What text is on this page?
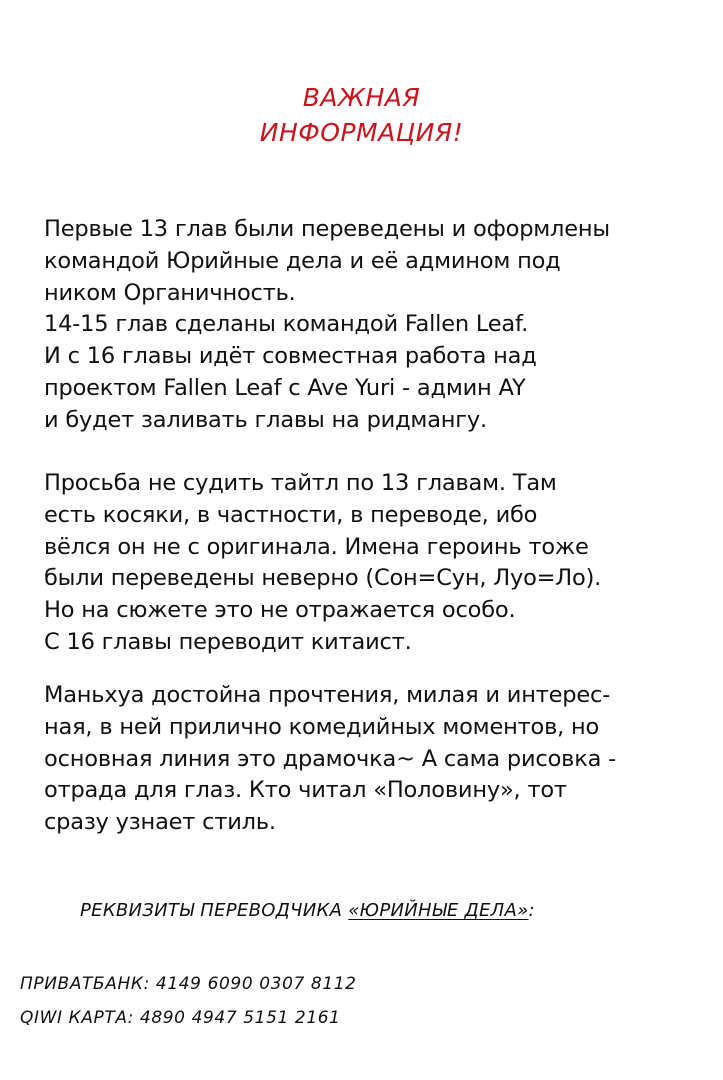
ВАЖНАЯ
ИНФОРМАЦИЯ!
Первые 13 глав были переведены и оформлены
командой Юрийные дела и её админом под
ником Органичность.
14-15 глав сделаны командой Fallen Leaf.
И с 16 главы идёт совместная работа над
проектом Fallen Leaf с Ave Yuri - админ AY
и будет заливать главы на ридмангу.
Просьба не судить тайтл по 13 главам. Там
есть косяки, в частности, в переводе, ибо
вёлся он не с оригинала. Имена героинь тоже
были переведены неверно (Сон=Сун, Луо=Ло).
Но на сюжете это не отражается особо.
С 16 главы переводит китаист.
Маньхуа достойна прочтения, милая и интерес-
ная, в ней прилично комедийных моментов, но
основная линия это драмочка~ А сама рисовка -
отрада для глаз. Кто читал «Половину», тот
сразу узнает стиль.
РЕКВИЗИТЫ ПЕРЕВОДЧИКА «ЮРИЙНЫЕ ДЕЛА»:
ПРИВАТБАНК: 4149 6090 0307 8112
QIWI КАРТА: 4890 4947 5151 2161
